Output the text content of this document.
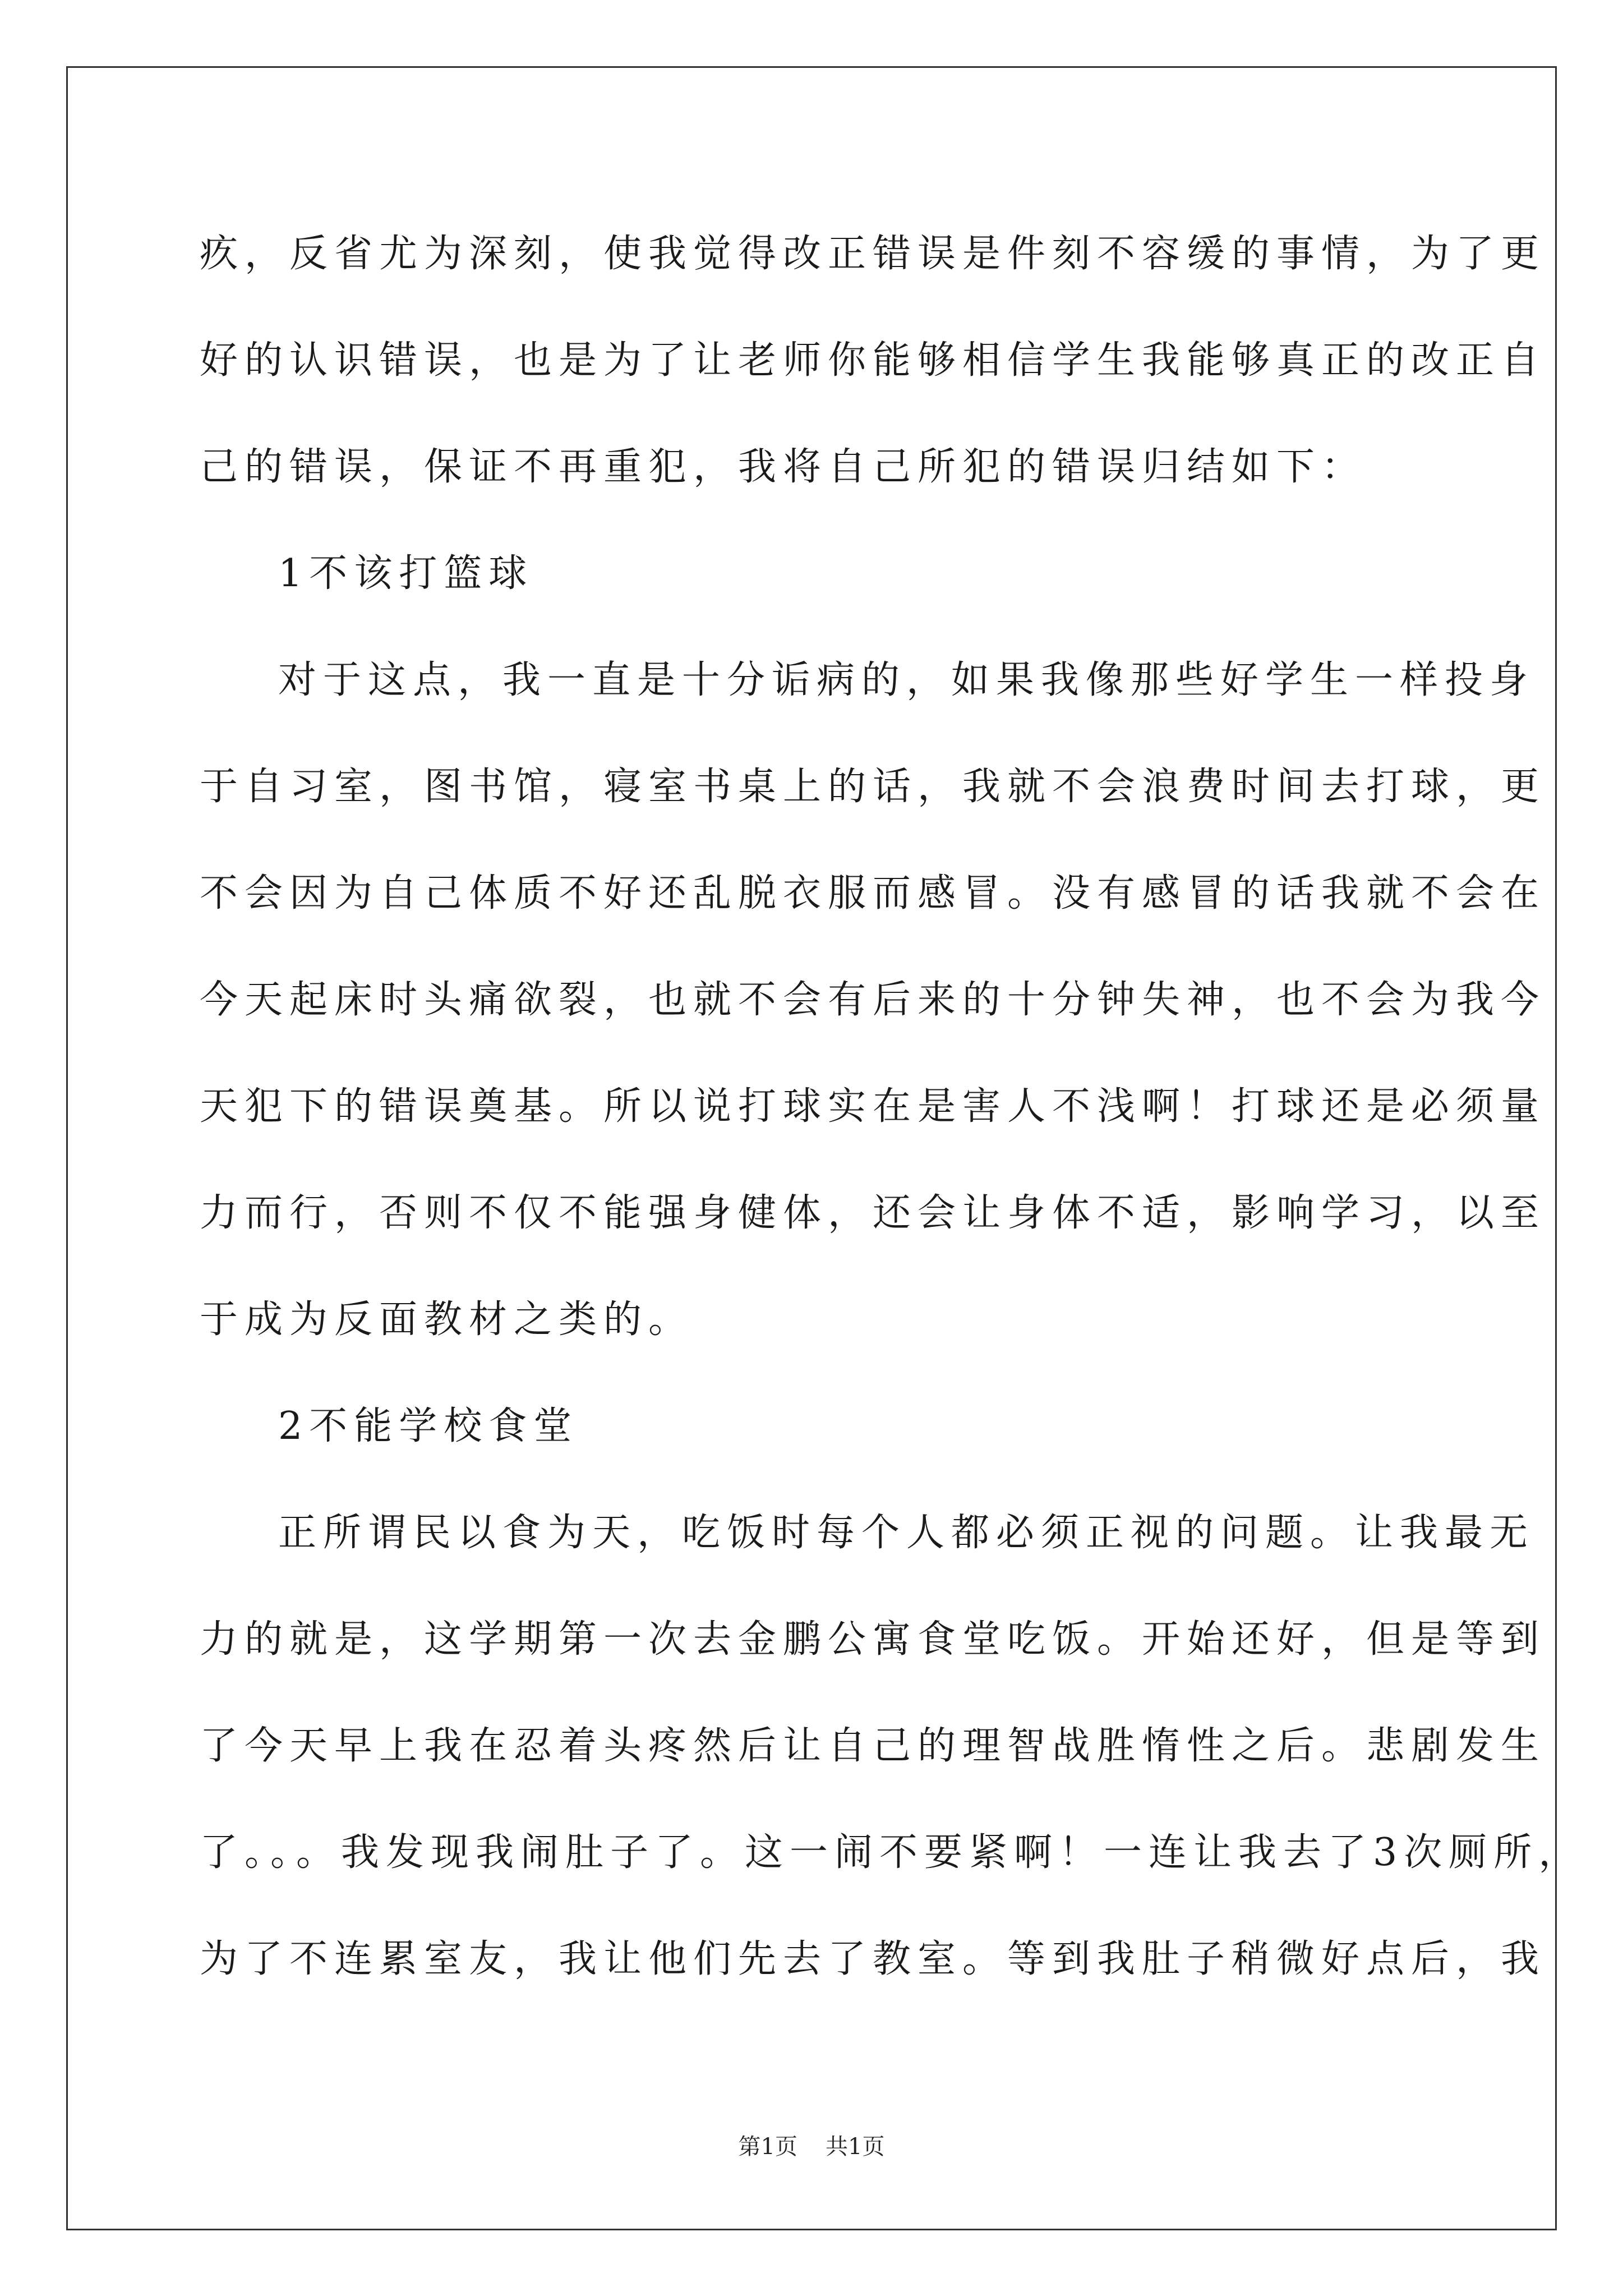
疚，反省尤为深刻，使我觉得改正错误是件刻不容缓的事情，为了更
好的认识错误，也是为了让老师你能够相信学生我能够真正的改正自
己的错误，保证不再重犯，我将自己所犯的错误归结如下：
1不该打篮球
对于这点，我一直是十分诟病的，如果我像那些好学生一样投身
于自习室，图书馆，寝室书桌上的话，我就不会浪费时间去打球，更
不会因为自己体质不好还乱脱衣服而感冒。没有感冒的话我就不会在
今天起床时头痛欲裂，也就不会有后来的十分钟失神，也不会为我今
天犯下的错误奠基。所以说打球实在是害人不浅啊！打球还是必须量
力而行，否则不仅不能强身健体，还会让身体不适，影响学习，以至
于成为反面教材之类的。
2不能学校食堂
正所谓民以食为天，吃饭时每个人都必须正视的问题。让我最无
力的就是，这学期第一次去金鹏公寓食堂吃饭。开始还好，但是等到
了今天早上我在忍着头疼然后让自己的理智战胜惰性之后。悲剧发生
了。。。我发现我闹肚子了。这一闹不要紧啊！一连让我去了3次厕所，
为了不连累室友，我让他们先去了教室。等到我肚子稍微好点后，我
第1页 共1页
